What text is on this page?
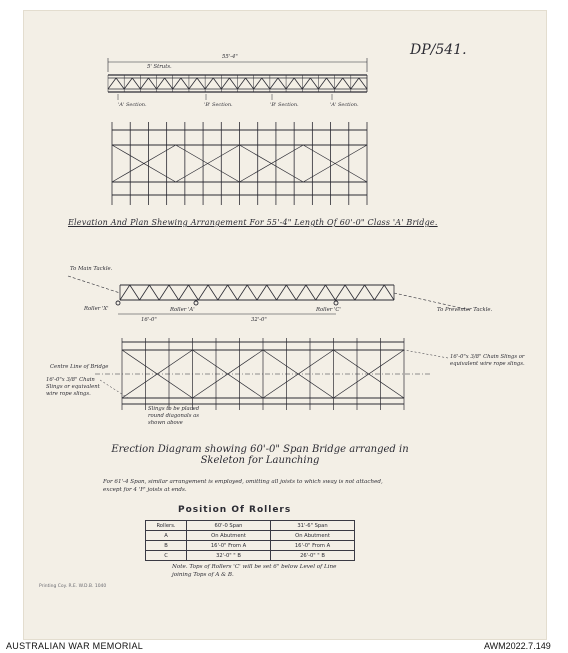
DP/541.
55'-4"
5' Struts.
'A' Section.	'B' Section.	'B' Section.	'A' Section.
Elevation And Plan Shewing Arrangement For 55'-4" Length Of 60'-0" Class 'A' Bridge.
To Main Tackle.
To Preventer Tackle.
Roller 'X'	Roller 'A'	Roller 'C'
16'-0"	32'-0"
Centre Line of Bridge
16'-0"x 3/8" Chain Slings or equivalent wire rope slings.
16'-0"x 3/8" Chain Slings or equivalent wire rope slings.
Slings to be placed round diagonals as shown above
Erection Diagram showing 60'-0" Span Bridge arranged in Skeleton for Launching
For 61'-4 Span, similar arrangement is employed, omitting all joists to which sway is not attached, except for 4 'F' joists at ends.
Position Of Rollers
Rollers.	60'-0 Span	31'-6" Span
A	On Abutment	On Abutment
B	16'-0" From A	16'-0" From A
C	32'-0" " B	26'-0" " B
Note. Tops of Rollers 'C' will be set 6" below Level of Line joining Tops of A & B.
Printing Coy. R.E. W.D.B. 1040
AUSTRALIAN WAR MEMORIAL	AWM2022.7.149
